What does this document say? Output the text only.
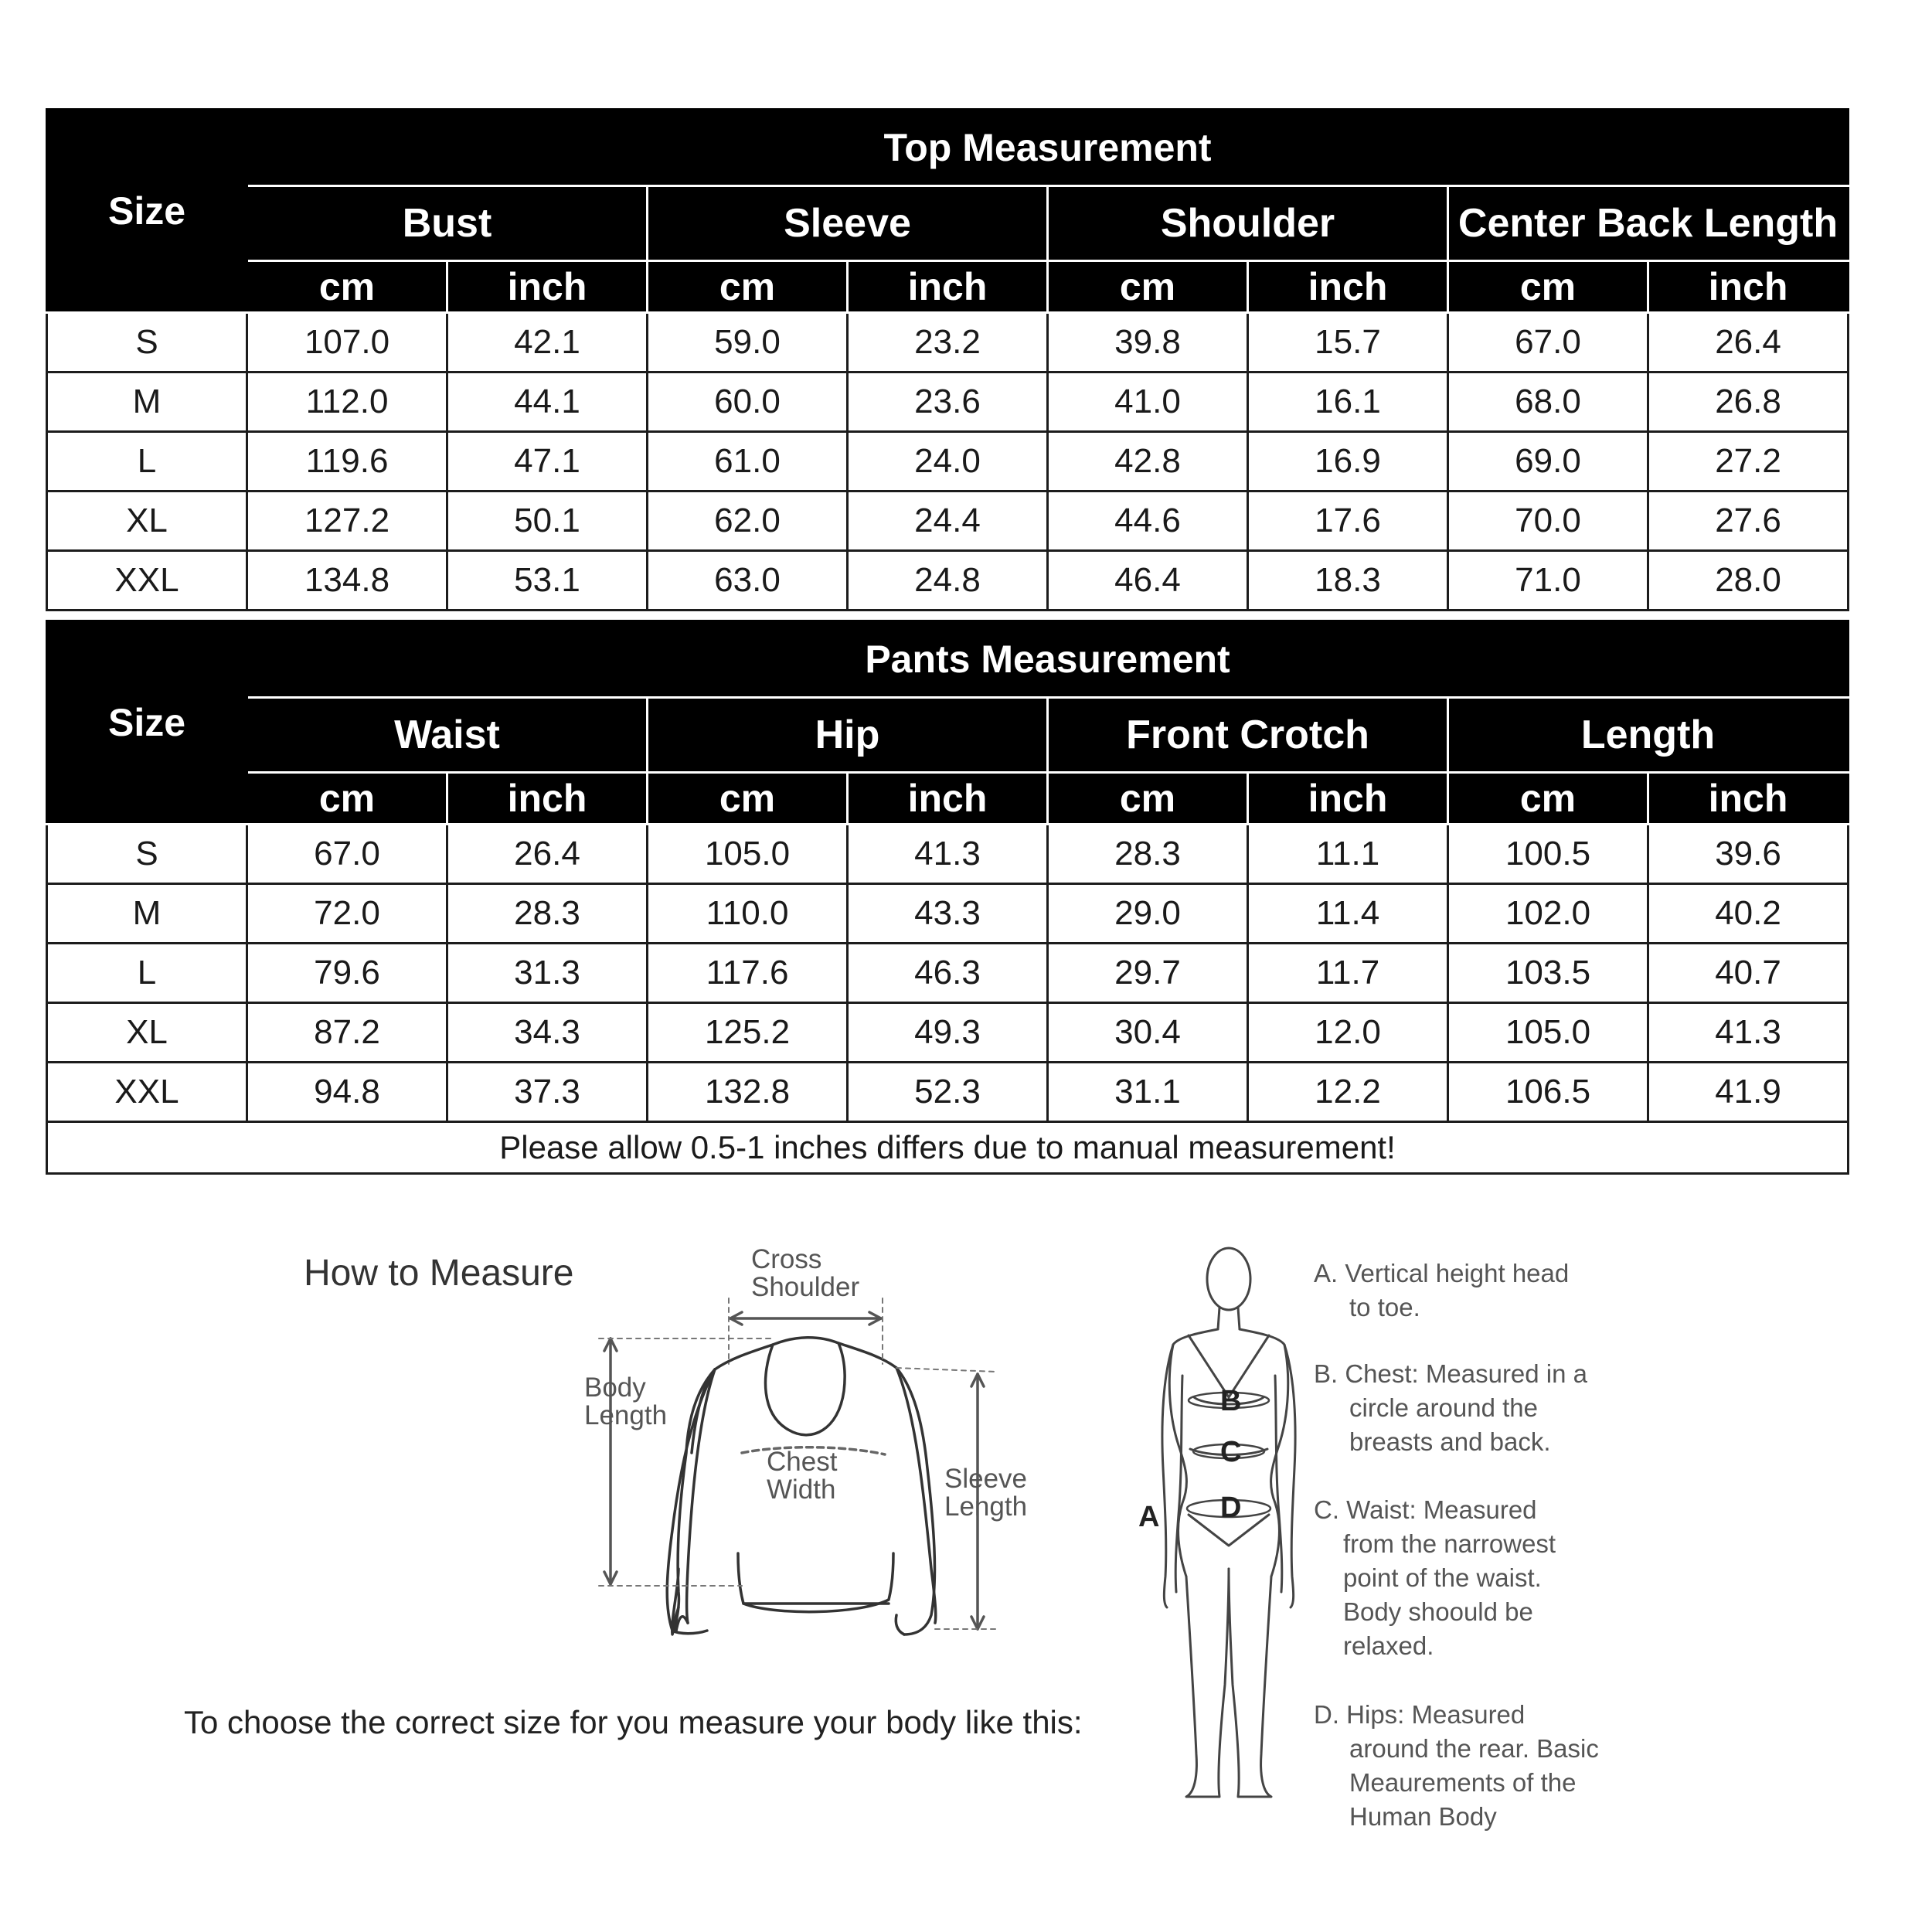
Size	Top Measurement							
	Bust		Sleeve		Shoulder		Center Back Length	
	cm	inch	cm	inch	cm	inch	cm	inch
S	107.0	42.1	59.0	23.2	39.8	15.7	67.0	26.4
M	112.0	44.1	60.0	23.6	41.0	16.1	68.0	26.8
L	119.6	47.1	61.0	24.0	42.8	16.9	69.0	27.2
XL	127.2	50.1	62.0	24.4	44.6	17.6	70.0	27.6
XXL	134.8	53.1	63.0	24.8	46.4	18.3	71.0	28.0
Size	Pants Measurement							
	Waist		Hip		Front Crotch		Length	
	cm	inch	cm	inch	cm	inch	cm	inch
S	67.0	26.4	105.0	41.3	28.3	11.1	100.5	39.6
M	72.0	28.3	110.0	43.3	29.0	11.4	102.0	40.2
L	79.6	31.3	117.6	46.3	29.7	11.7	103.5	40.7
XL	87.2	34.3	125.2	49.3	30.4	12.0	105.0	41.3
XXL	94.8	37.3	132.8	52.3	31.1	12.2	106.5	41.9
Please allow 0.5-1 inches differs due to manual measurement!								
How to Measure	Cross
Shoulder
Body
Length
Chest
Width	Sleeve
Length
To choose the correct size for you measure your body like this:
B
C
D
A
A. Vertical height head
to toe.
B. Chest: Measured in a
circle around the breasts and back.
C. Waist: Measured
from the narrowest point of the waist. Body shoould be relaxed.
D. Hips: Measured
around the rear. Basic Meaurements of the Human Body
